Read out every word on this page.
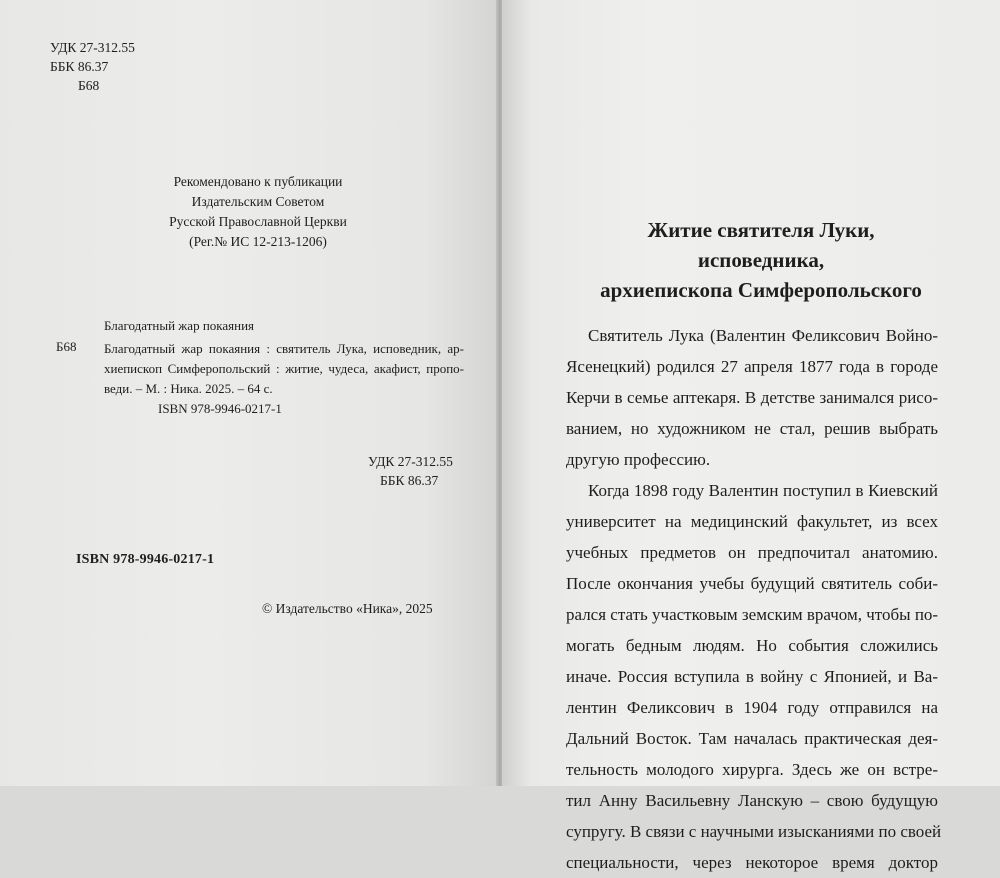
УДК 27-312.55
ББК 86.37
Б68
Рекомендовано к публикации
Издательским Советом
Русской Православной Церкви
(Рег.№ ИС 12-213-1206)
Благодатный жар покаяния
Б68 Благодатный жар покаяния : святитель Лука, исповедник, ар-
хиепископ Симферопольский : житие, чудеса, акафист, пропо-
веди. – М. : Ника. 2025. – 64 с.
ISBN 978-9946-0217-1
УДК 27-312.55
ББК 86.37
ISBN 978-9946-0217-1
© Издательство «Ника», 2025
Житие святителя Луки,
исповедника,
архиепископа Симферопольского
Святитель Лука (Валентин Феликсович Войно-
Ясенецкий) родился 27 апреля 1877 года в городе
Керчи в семье аптекаря. В детстве занимался рисо-
ванием, но художником не стал, решив выбрать
другую профессию.
Когда 1898 году Валентин поступил в Киевский
университет на медицинский факультет, из всех
учебных предметов он предпочитал анатомию.
После окончания учебы будущий святитель соби-
рался стать участковым земским врачом, чтобы по-
могать бедным людям. Но события сложились
иначе. Россия вступила в войну с Японией, и Ва-
лентин Феликсович в 1904 году отправился на
Дальний Восток. Там началась практическая дея-
тельность молодого хирурга. Здесь же он встре-
тил Анну Васильевну Ланскую – свою будущую
супругу. В связи с научными изысканиями по своей
специальности, через некоторое время доктор
